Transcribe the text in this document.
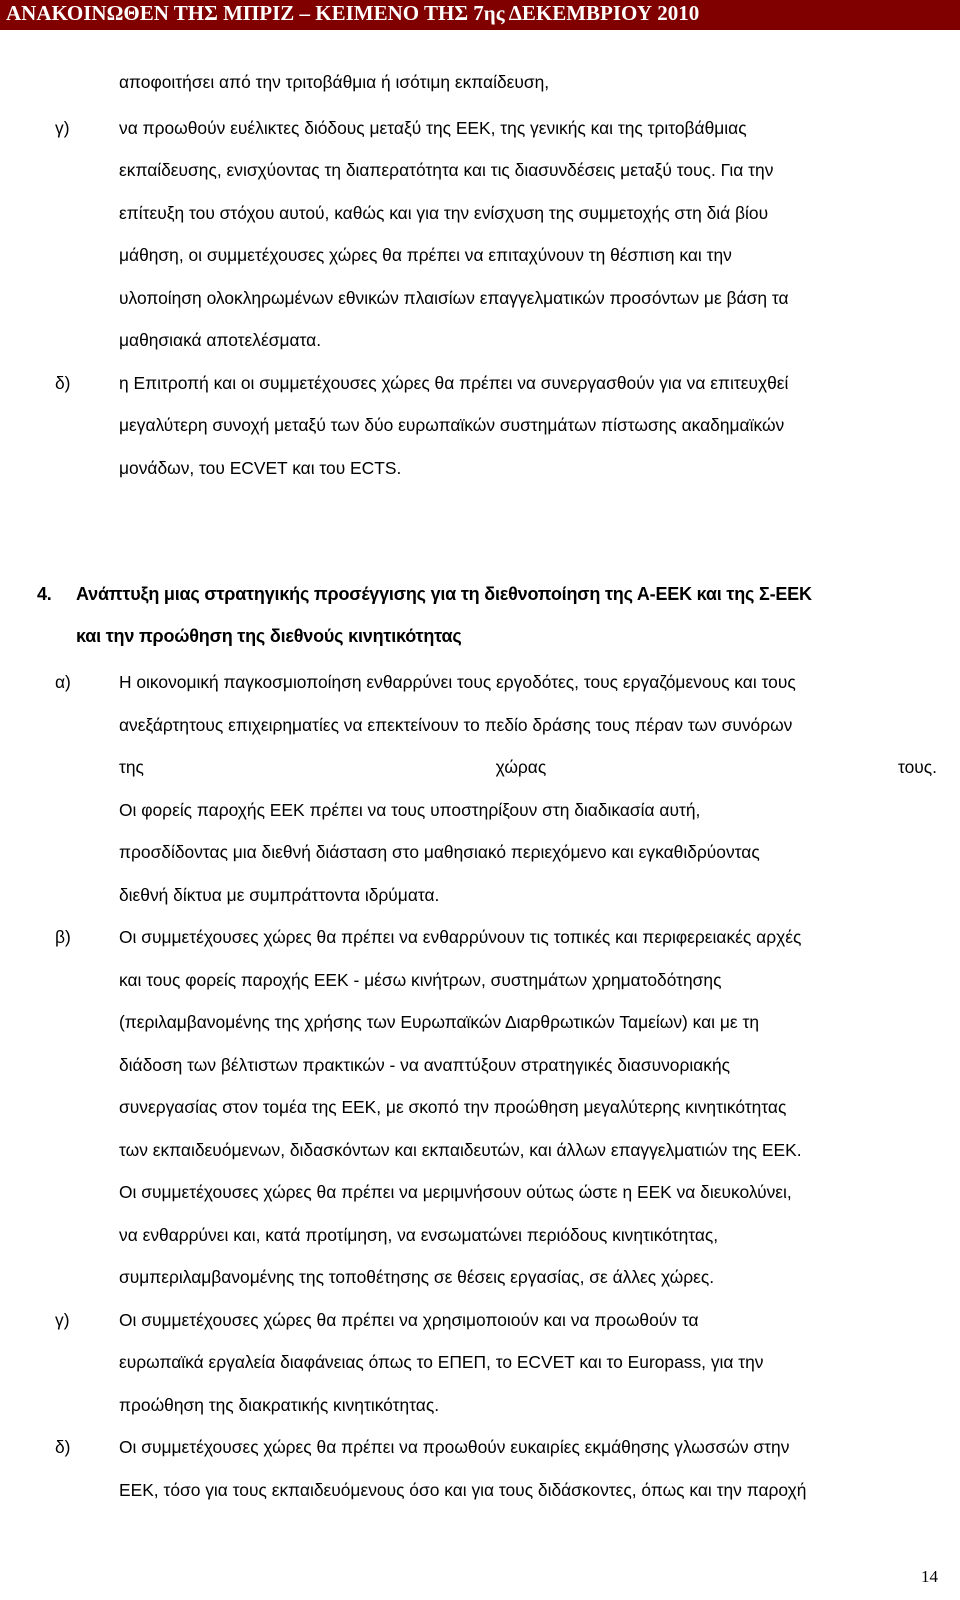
ΑΝΑΚΟΙΝΩΘΕΝ ΤΗΣ ΜΠΡΙΖ – ΚΕΙΜΕΝΟ ΤΗΣ 7ης ΔΕΚΕΜΒΡΙΟΥ 2010
αποφοιτήσει από την τριτοβάθμια ή ισότιμη εκπαίδευση,
γ)	να προωθούν ευέλικτες διόδους μεταξύ της ΕΕΚ, της γενικής και της τριτοβάθμιας
εκπαίδευσης, ενισχύοντας τη διαπερατότητα και τις διασυνδέσεις μεταξύ τους. Για την
επίτευξη του στόχου αυτού, καθώς και για την ενίσχυση της συμμετοχής στη διά βίου
μάθηση, οι συμμετέχουσες χώρες θα πρέπει να επιταχύνουν τη θέσπιση και την
υλοποίηση ολοκληρωμένων εθνικών πλαισίων επαγγελματικών προσόντων με βάση τα
μαθησιακά αποτελέσματα.
δ)	η Επιτροπή και οι συμμετέχουσες χώρες θα πρέπει να συνεργασθούν για να επιτευχθεί
μεγαλύτερη συνοχή μεταξύ των δύο ευρωπαϊκών συστημάτων πίστωσης ακαδημαϊκών
μονάδων, του ECVET και του ECTS.
4. Ανάπτυξη μιας στρατηγικής προσέγγισης για τη διεθνοποίηση της Α-ΕΕΚ και της Σ-ΕΕΚ
και την προώθηση της διεθνούς κινητικότητας
α)	Η οικονομική παγκοσμιοποίηση ενθαρρύνει τους εργοδότες, τους εργαζόμενους και τους
ανεξάρτητους επιχειρηματίες να επεκτείνουν το πεδίο δράσης τους πέραν των συνόρων
της	χώρας	τους.
Οι φορείς παροχής ΕΕΚ πρέπει να τους υποστηρίξουν στη διαδικασία αυτή,
προσδίδοντας μια διεθνή διάσταση στο μαθησιακό περιεχόμενο και εγκαθιδρύοντας
διεθνή δίκτυα με συμπράττοντα ιδρύματα.
β)	Οι συμμετέχουσες χώρες θα πρέπει να ενθαρρύνουν τις τοπικές και περιφερειακές αρχές
και τους φορείς παροχής ΕΕΚ - μέσω κινήτρων, συστημάτων χρηματοδότησης
(περιλαμβανομένης της χρήσης των Ευρωπαϊκών Διαρθρωτικών Ταμείων) και με τη
διάδοση των βέλτιστων πρακτικών - να αναπτύξουν στρατηγικές διασυνοριακής
συνεργασίας στον τομέα της ΕΕΚ, με σκοπό την προώθηση μεγαλύτερης κινητικότητας
των εκπαιδευόμενων, διδασκόντων και εκπαιδευτών, και άλλων επαγγελματιών της ΕΕΚ.
Οι συμμετέχουσες χώρες θα πρέπει να μεριμνήσουν ούτως ώστε η ΕΕΚ να διευκολύνει,
να ενθαρρύνει και, κατά προτίμηση, να ενσωματώνει περιόδους κινητικότητας,
συμπεριλαμβανομένης της τοποθέτησης σε θέσεις εργασίας, σε άλλες χώρες.
γ)	Οι συμμετέχουσες χώρες θα πρέπει να χρησιμοποιούν και να προωθούν τα
ευρωπαϊκά εργαλεία διαφάνειας όπως το ΕΠΕΠ, το ECVET και το Europass, για την
προώθηση της διακρατικής κινητικότητας.
δ)	Οι συμμετέχουσες χώρες θα πρέπει να προωθούν ευκαιρίες εκμάθησης γλωσσών στην
ΕΕΚ, τόσο για τους εκπαιδευόμενους όσο και για τους διδάσκοντες, όπως και την παροχή
14
